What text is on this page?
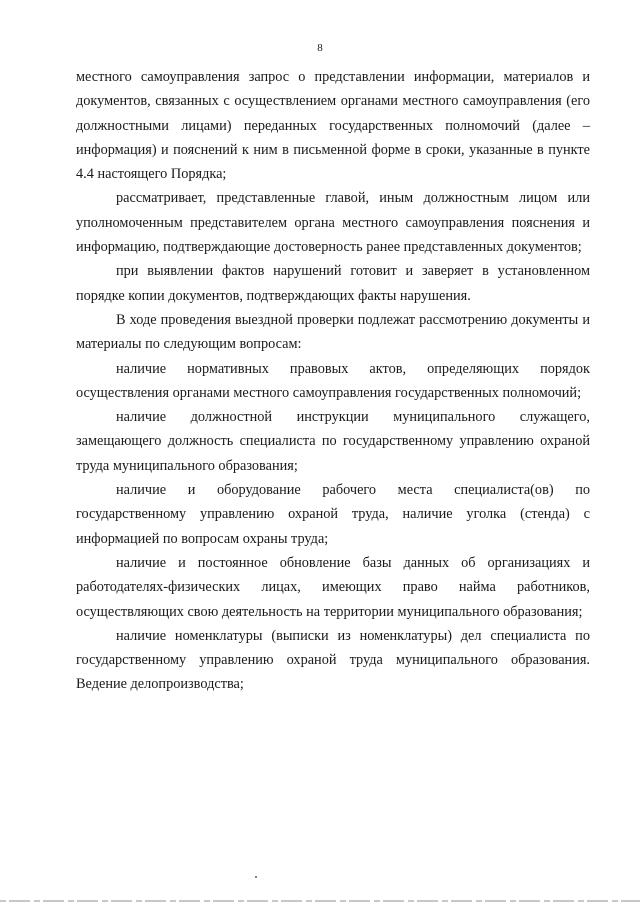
8

местного самоуправления запрос о представлении информации, материалов и документов, связанных с осуществлением органами местного самоуправления (его должностными лицами) переданных государственных полномочий (далее – информация) и пояснений к ним в письменной форме в сроки, указанные в пункте 4.4 настоящего Порядка;

рассматривает, представленные главой, иным должностным лицом или уполномоченным представителем органа местного самоуправления пояснения и информацию, подтверждающие достоверность ранее представленных документов;

при выявлении фактов нарушений готовит и заверяет в установленном порядке копии документов, подтверждающих факты нарушения.

В ходе проведения выездной проверки подлежат рассмотрению документы и материалы по следующим вопросам:

наличие нормативных правовых актов, определяющих порядок осуществления органами местного самоуправления государственных полномочий;

наличие должностной инструкции муниципального служащего, замещающего должность специалиста по государственному управлению охраной труда муниципального образования;

наличие и оборудование рабочего места специалиста(ов) по государственному управлению охраной труда, наличие уголка (стенда) с информацией по вопросам охраны труда;

наличие и постоянное обновление базы данных об организациях и работодателях-физических лицах, имеющих право найма работников, осуществляющих свою деятельность на территории муниципального образования;

наличие номенклатуры (выписки из номенклатуры) дел специалиста по государственному управлению охраной труда муниципального образования. Ведение делопроизводства;
